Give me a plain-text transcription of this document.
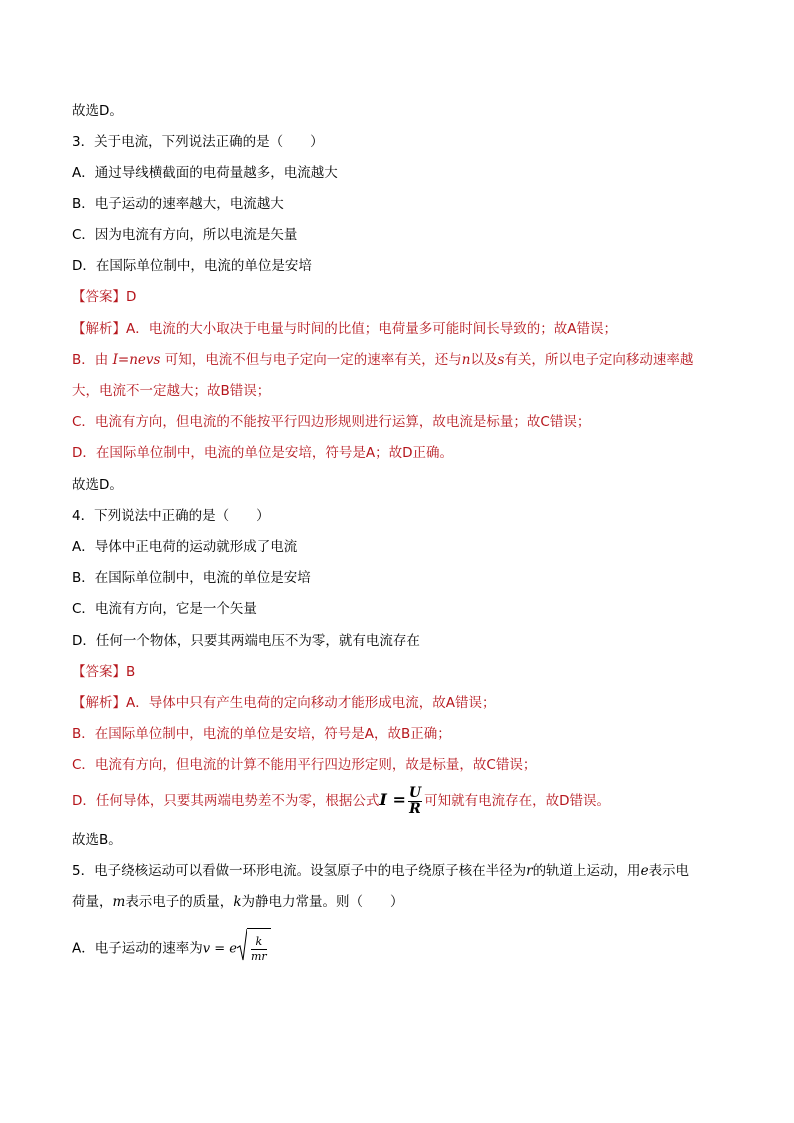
故选D。
3．关于电流，下列说法正确的是（　　）
A．通过导线横截面的电荷量越多，电流越大
B．电子运动的速率越大，电流越大
C．因为电流有方向，所以电流是矢量
D．在国际单位制中，电流的单位是安培
【答案】D
【解析】A．电流的大小取决于电量与时间的比值；电荷量多可能时间长导致的；故A错误；
B．由 I=nevs 可知，电流不但与电子定向一定的速率有关，还与n以及s有关，所以电子定向移动速率越
大，电流不一定越大；故B错误；
C．电流有方向，但电流的不能按平行四边形规则进行运算，故电流是标量；故C错误；
D．在国际单位制中，电流的单位是安培，符号是A；故D正确。
故选D。
4．下列说法中正确的是（　　）
A．导体中正电荷的运动就形成了电流
B．在国际单位制中，电流的单位是安培
C．电流有方向，它是一个矢量
D．任何一个物体，只要其两端电压不为零，就有电流存在
【答案】B
【解析】A．导体中只有产生电荷的定向移动才能形成电流，故A错误；
B．在国际单位制中，电流的单位是安培，符号是A，故B正确；
C．电流有方向，但电流的计算不能用平行四边形定则，故是标量，故C错误；
D．任何导体，只要其两端电势差不为零，根据公式$I = \frac{U}{R}$ 可知就有电流存在，故D错误。
故选B。
5．电子绕核运动可以看做一环形电流。设氢原子中的电子绕原子核在半径为r的轨道上运动，用e表示电
荷量，m表示电子的质量，k为静电力常量。则（　　）
A．电子运动的速率为v = e $\frac{k}{mr}$
